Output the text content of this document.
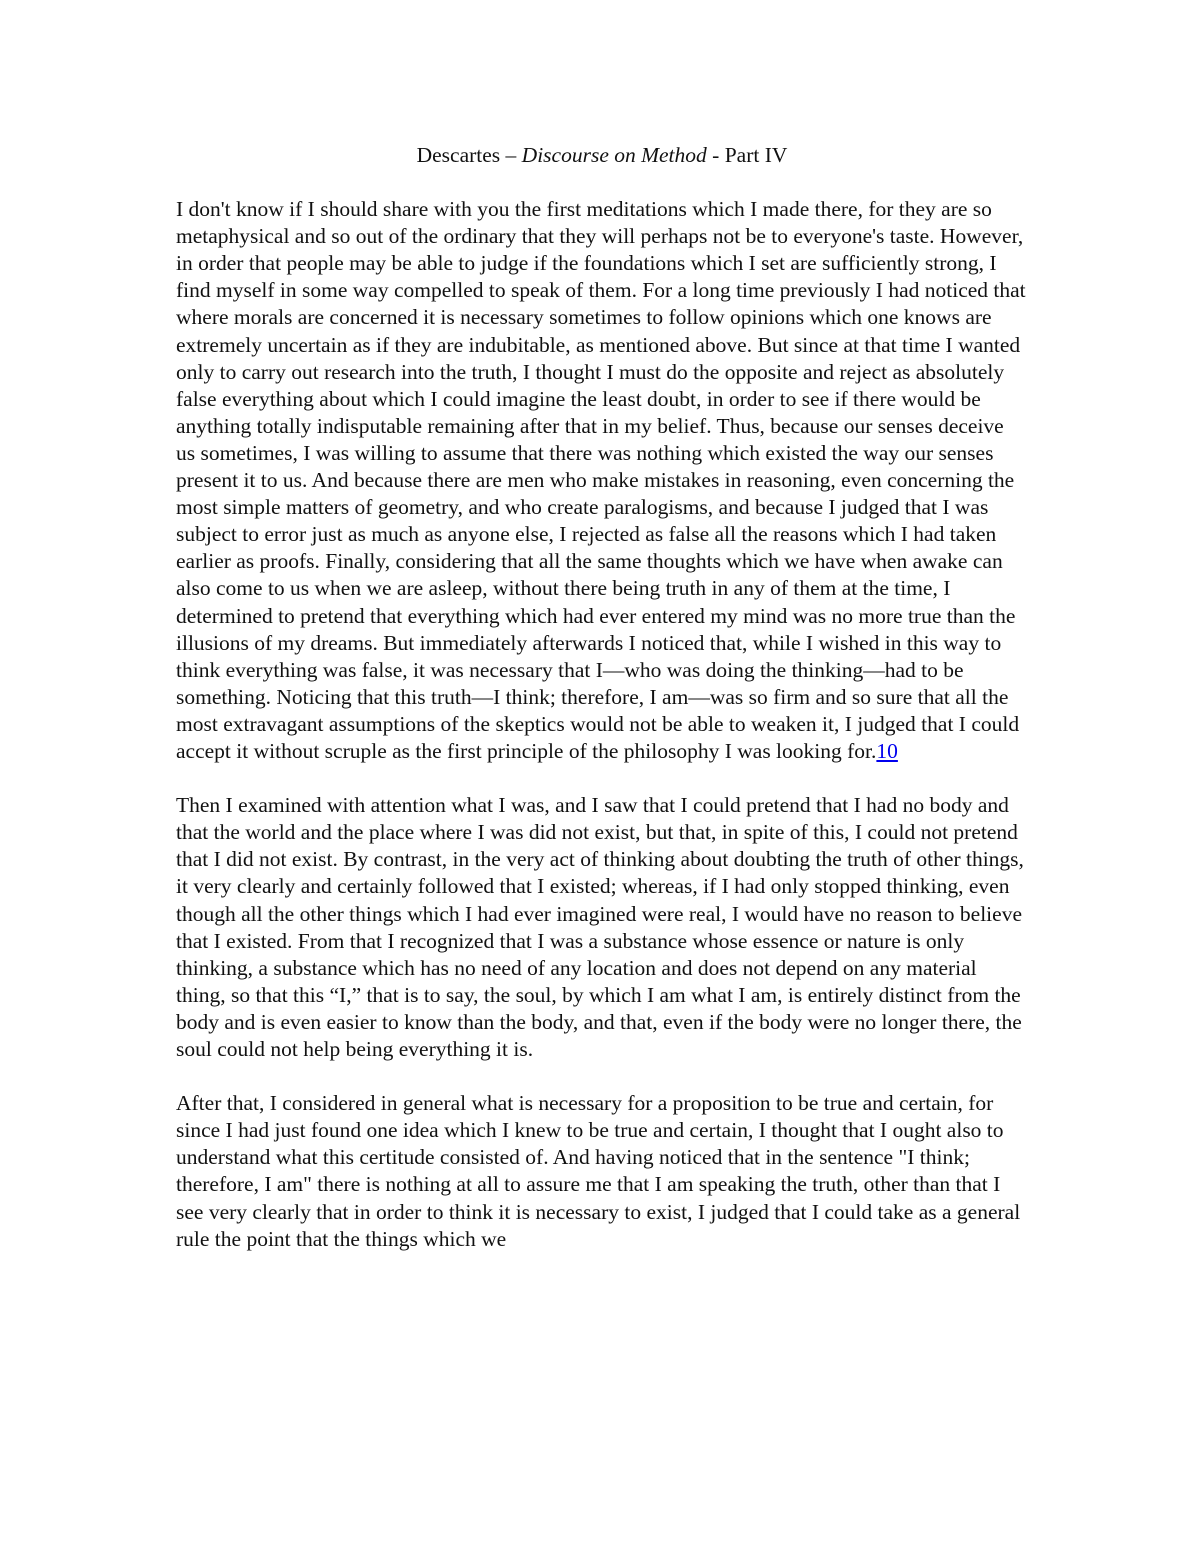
Descartes – Discourse on Method - Part IV

I don't know if I should share with you the first meditations which I made there, for they are so metaphysical and so out of the ordinary that they will perhaps not be to everyone's taste. However, in order that people may be able to judge if the foundations which I set are sufficiently strong, I find myself in some way compelled to speak of them. For a long time previously I had noticed that where morals are concerned it is necessary sometimes to follow opinions which one knows are extremely uncertain as if they are indubitable, as mentioned above. But since at that time I wanted only to carry out research into the truth, I thought I must do the opposite and reject as absolutely false everything about which I could imagine the least doubt, in order to see if there would be anything totally indisputable remaining after that in my belief. Thus, because our senses deceive us sometimes, I was willing to assume that there was nothing which existed the way our senses present it to us. And because there are men who make mistakes in reasoning, even concerning the most simple matters of geometry, and who create paralogisms, and because I judged that I was subject to error just as much as anyone else, I rejected as false all the reasons which I had taken earlier as proofs. Finally, considering that all the same thoughts which we have when awake can also come to us when we are asleep, without there being truth in any of them at the time, I determined to pretend that everything which had ever entered my mind was no more true than the illusions of my dreams. But immediately afterwards I noticed that, while I wished in this way to think everything was false, it was necessary that I—who was doing the thinking—had to be something. Noticing that this truth—I think; therefore, I am—was so firm and so sure that all the most extravagant assumptions of the skeptics would not be able to weaken it, I judged that I could accept it without scruple as the first principle of the philosophy I was looking for.10

Then I examined with attention what I was, and I saw that I could pretend that I had no body and that the world and the place where I was did not exist, but that, in spite of this, I could not pretend that I did not exist. By contrast, in the very act of thinking about doubting the truth of other things, it very clearly and certainly followed that I existed; whereas, if I had only stopped thinking, even though all the other things which I had ever imagined were real, I would have no reason to believe that I existed. From that I recognized that I was a substance whose essence or nature is only thinking, a substance which has no need of any location and does not depend on any material thing, so that this “I,” that is to say, the soul, by which I am what I am, is entirely distinct from the body and is even easier to know than the body, and that, even if the body were no longer there, the soul could not help being everything it is.

After that, I considered in general what is necessary for a proposition to be true and certain, for since I had just found one idea which I knew to be true and certain, I thought that I ought also to understand what this certitude consisted of. And having noticed that in the sentence "I think; therefore, I am" there is nothing at all to assure me that I am speaking the truth, other than that I see very clearly that in order to think it is necessary to exist, I judged that I could take as a general rule the point that the things which we
